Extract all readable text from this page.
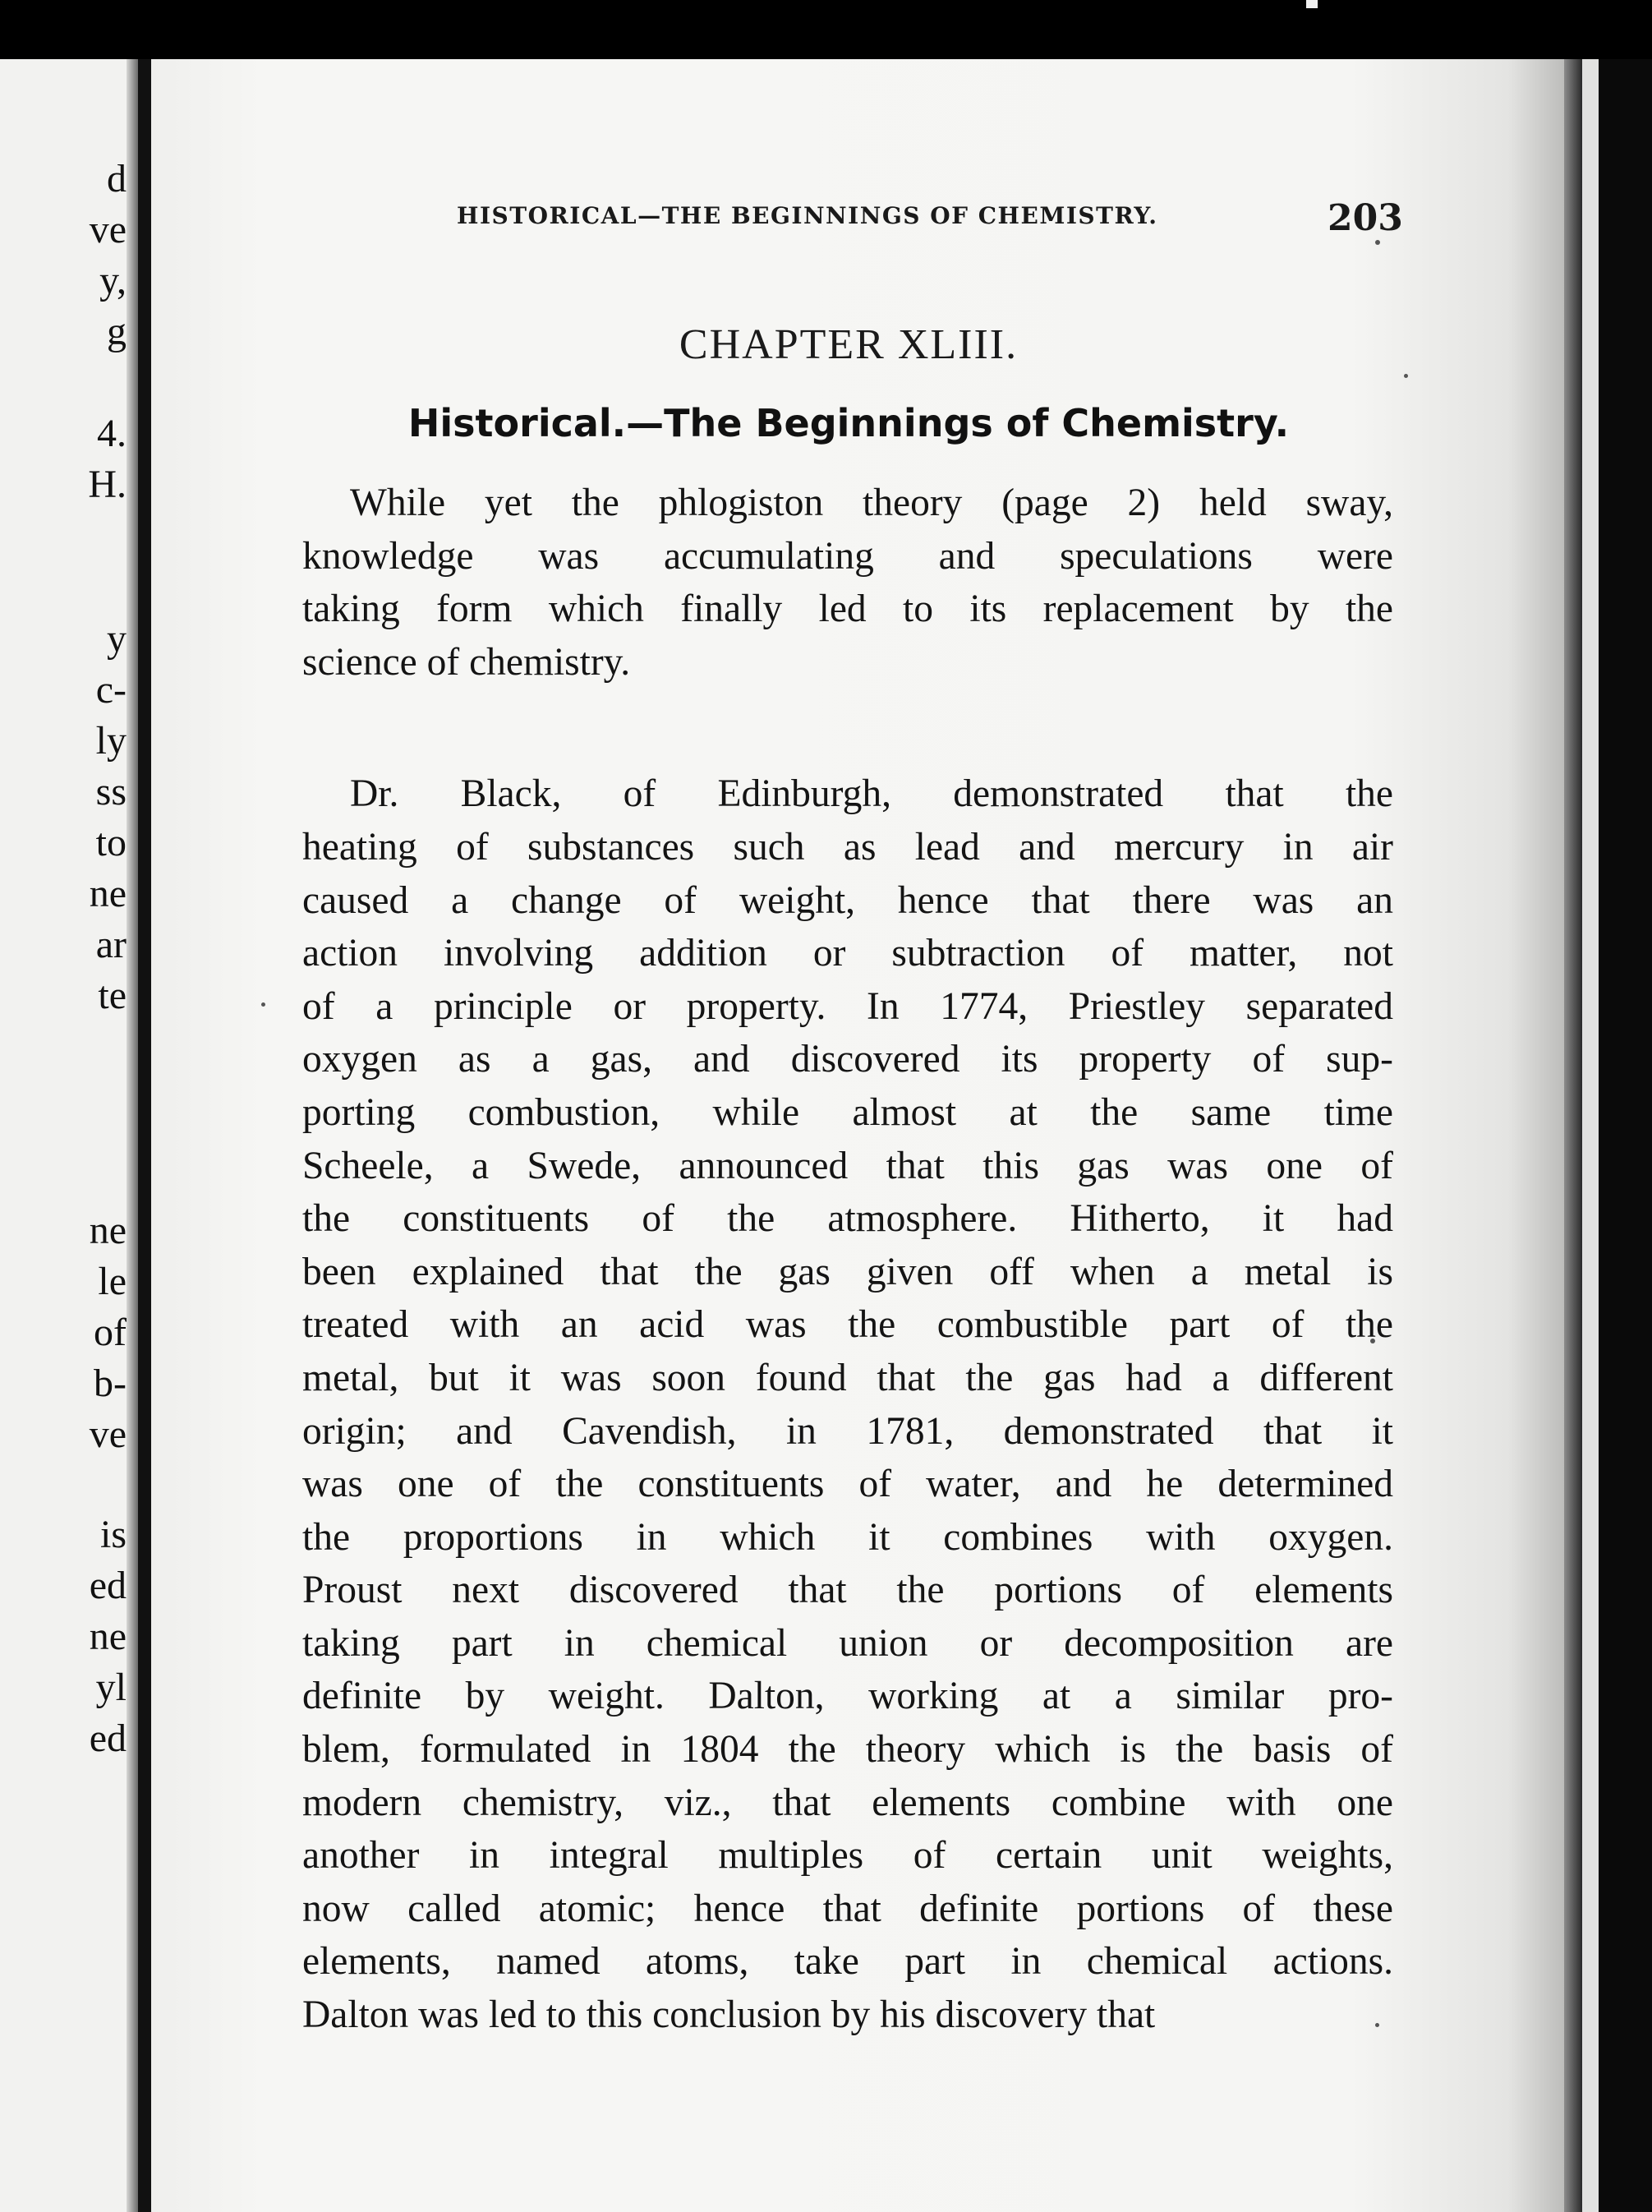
d
ve
y,
g
4.
H.
y
c-
ly
ss
to
ne
ar
te
ne
le
of
b-
ve
is
ed
ne
yl
ed
HISTORICAL—THE BEGINNINGS OF CHEMISTRY.	203
CHAPTER XLIII.
Historical.—The Beginnings of Chemistry.
While yet the phlogiston theory (page 2) held sway,
knowledge was accumulating and speculations were
taking form which finally led to its replacement by the
science of chemistry.
Dr. Black, of Edinburgh, demonstrated that the
heating of substances such as lead and mercury in air
caused a change of weight, hence that there was an
action involving addition or subtraction of matter, not
of a principle or property. In 1774, Priestley separated
oxygen as a gas, and discovered its property of sup-
porting combustion, while almost at the same time
Scheele, a Swede, announced that this gas was one of
the constituents of the atmosphere. Hitherto, it had
been explained that the gas given off when a metal is
treated with an acid was the combustible part of the
metal, but it was soon found that the gas had a different
origin; and Cavendish, in 1781, demonstrated that it
was one of the constituents of water, and he determined
the proportions in which it combines with oxygen.
Proust next discovered that the portions of elements
taking part in chemical union or decomposition are
definite by weight. Dalton, working at a similar pro-
blem, formulated in 1804 the theory which is the basis of
modern chemistry, viz., that elements combine with one
another in integral multiples of certain unit weights,
now called atomic; hence that definite portions of these
elements, named atoms, take part in chemical actions.
Dalton was led to this conclusion by his discovery that
